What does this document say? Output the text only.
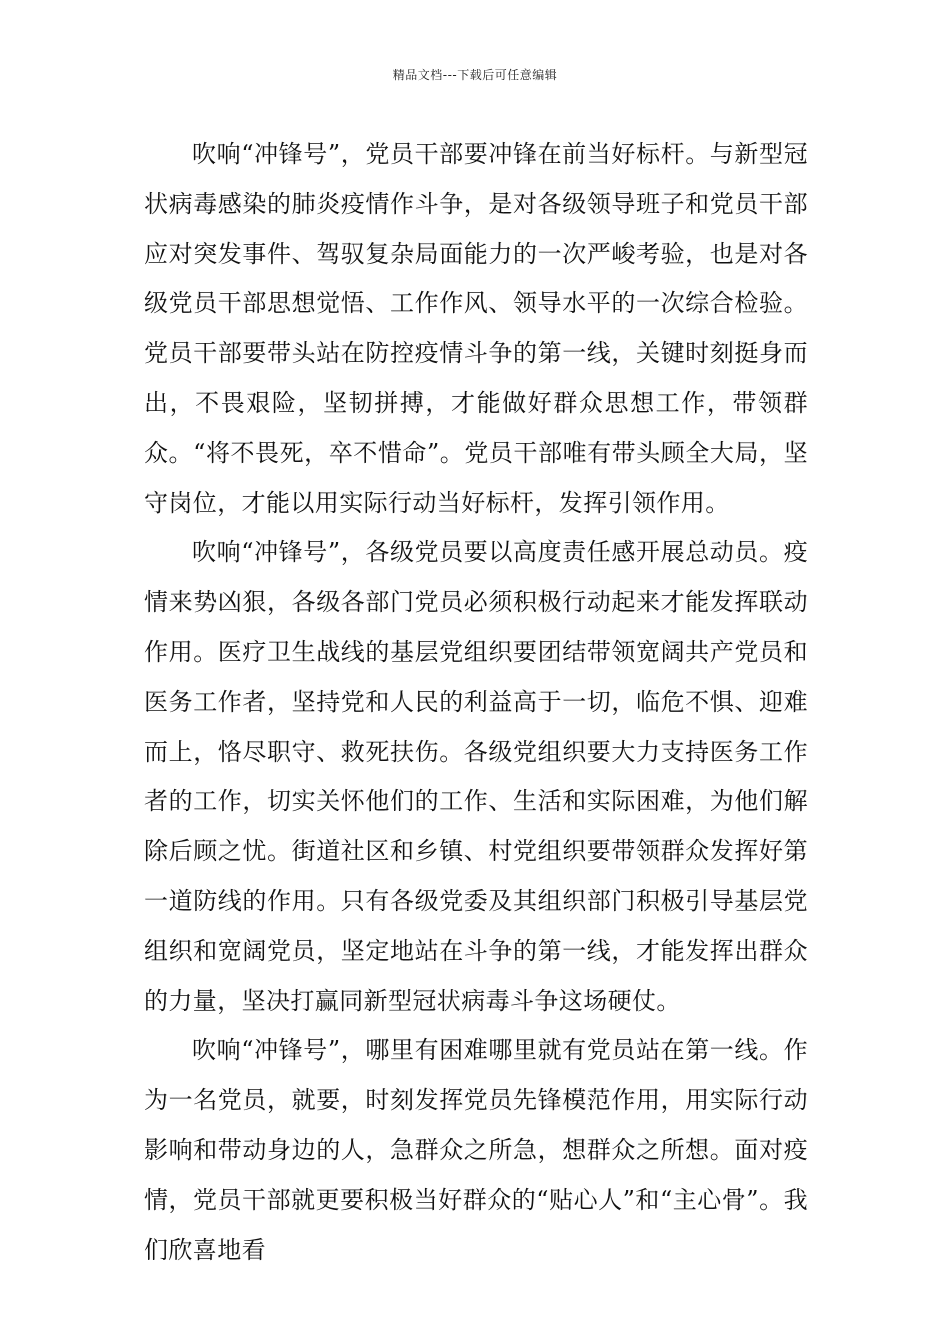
精品文档---下载后可任意编辑

吹响“冲锋号”，党员干部要冲锋在前当好标杆。与新型冠状病毒感染的肺炎疫情作斗争，是对各级领导班子和党员干部应对突发事件、驾驭复杂局面能力的一次严峻考验，也是对各级党员干部思想觉悟、工作作风、领导水平的一次综合检验。党员干部要带头站在防控疫情斗争的第一线，关键时刻挺身而出，不畏艰险，坚韧拼搏，才能做好群众思想工作，带领群众。“将不畏死，卒不惜命”。党员干部唯有带头顾全大局，坚守岗位，才能以用实际行动当好标杆，发挥引领作用。

吹响“冲锋号”，各级党员要以高度责任感开展总动员。疫情来势凶狠，各级各部门党员必须积极行动起来才能发挥联动作用。医疗卫生战线的基层党组织要团结带领宽阔共产党员和医务工作者，坚持党和人民的利益高于一切，临危不惧、迎难而上，恪尽职守、救死扶伤。各级党组织要大力支持医务工作者的工作，切实关怀他们的工作、生活和实际困难，为他们解除后顾之忧。街道社区和乡镇、村党组织要带领群众发挥好第一道防线的作用。只有各级党委及其组织部门积极引导基层党组织和宽阔党员，坚定地站在斗争的第一线，才能发挥出群众的力量，坚决打赢同新型冠状病毒斗争这场硬仗。

吹响“冲锋号”，哪里有困难哪里就有党员站在第一线。作为一名党员，就要，时刻发挥党员先锋模范作用，用实际行动影响和带动身边的人，急群众之所急，想群众之所想。面对疫情，党员干部就更要积极当好群众的“贴心人”和“主心骨”。我们欣喜地看
